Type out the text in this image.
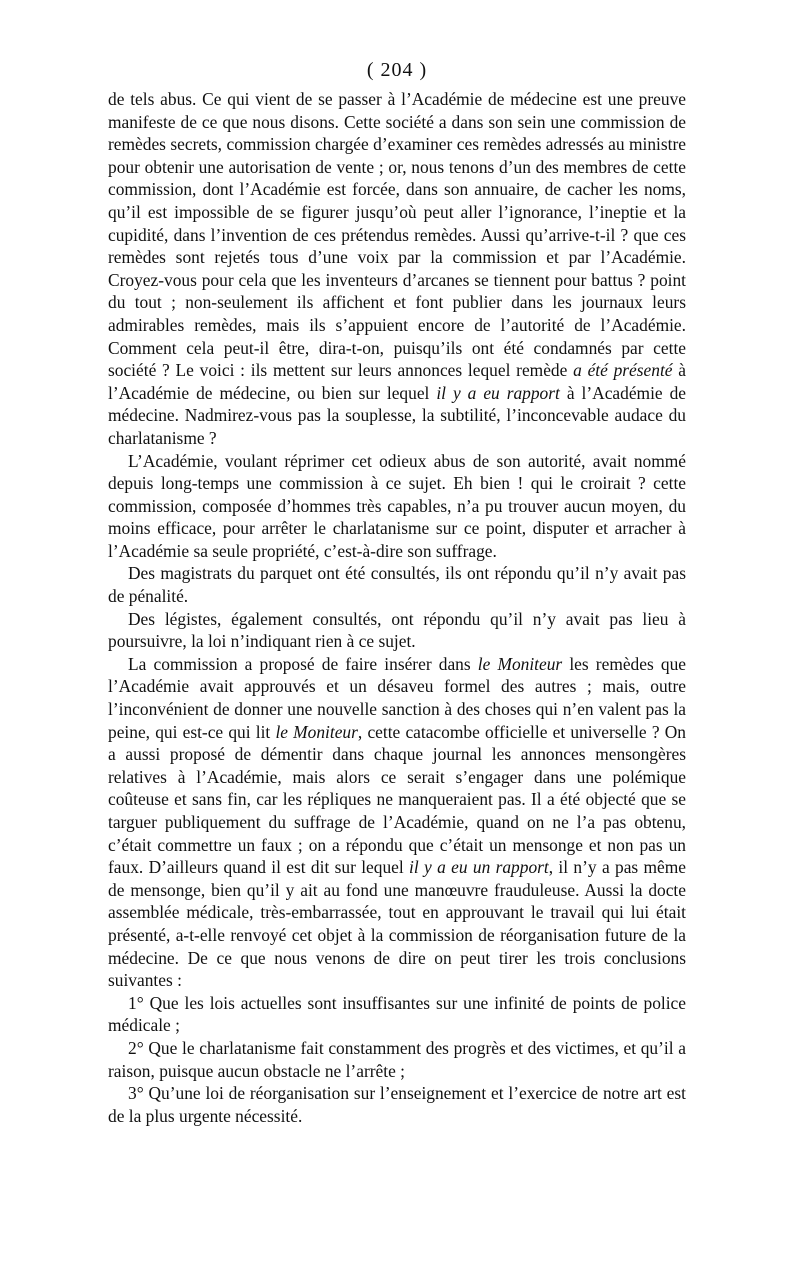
( 204 )

de tels abus. Ce qui vient de se passer à l’Académie de médecine est une preuve manifeste de ce que nous disons. Cette société a dans son sein une commission de remèdes secrets, commission chargée d’examiner ces remèdes adressés au ministre pour obtenir une autorisation de vente ; or, nous tenons d’un des membres de cette commission, dont l’Académie est forcée, dans son annuaire, de cacher les noms, qu’il est impossible de se figurer jusqu’où peut aller l’ignorance, l’ineptie et la cupidité, dans l’invention de ces prétendus remèdes. Aussi qu’arrive-t-il ? que ces remèdes sont rejetés tous d’une voix par la commission et par l’Académie. Croyez-vous pour cela que les inventeurs d’arcanes se tiennent pour battus ? point du tout ; non-seulement ils affichent et font publier dans les journaux leurs admirables remèdes, mais ils s’appuient encore de l’autorité de l’Académie. Comment cela peut-il être, dira-t-on, puisqu’ils ont été condamnés par cette société ? Le voici : ils mettent sur leurs annonces lequel remède a été présenté à l’Académie de médecine, ou bien sur lequel il y a eu rapport à l’Académie de médecine. Nadmirez-vous pas la souplesse, la subtilité, l’inconcevable audace du charlatanisme ?

L’Académie, voulant réprimer cet odieux abus de son autorité, avait nommé depuis long-temps une commission à ce sujet. Eh bien ! qui le croirait ? cette commission, composée d’hommes très capables, n’a pu trouver aucun moyen, du moins efficace, pour arrêter le charlatanisme sur ce point, disputer et arracher à l’Académie sa seule propriété, c’est-à-dire son suffrage.

Des magistrats du parquet ont été consultés, ils ont répondu qu’il n’y avait pas de pénalité.

Des légistes, également consultés, ont répondu qu’il n’y avait pas lieu à poursuivre, la loi n’indiquant rien à ce sujet.

La commission a proposé de faire insérer dans le Moniteur les remèdes que l’Académie avait approuvés et un désaveu formel des autres ; mais, outre l’inconvénient de donner une nouvelle sanction à des choses qui n’en valent pas la peine, qui est-ce qui lit le Moniteur, cette catacombe officielle et universelle ? On a aussi proposé de démentir dans chaque journal les annonces mensongères relatives à l’Académie, mais alors ce serait s’engager dans une polémique coûteuse et sans fin, car les répliques ne manqueraient pas. Il a été objecté que se targuer publiquement du suffrage de l’Académie, quand on ne l’a pas obtenu, c’était commettre un faux ; on a répondu que c’était un mensonge et non pas un faux. D’ailleurs quand il est dit sur lequel il y a eu un rapport, il n’y a pas même de mensonge, bien qu’il y ait au fond une manœuvre frauduleuse. Aussi la docte assemblée médicale, très-embarrassée, tout en approuvant le travail qui lui était présenté, a-t-elle renvoyé cet objet à la commission de réorganisation future de la médecine. De ce que nous venons de dire on peut tirer les trois conclusions suivantes :

1° Que les lois actuelles sont insuffisantes sur une infinité de points de police médicale ;

2° Que le charlatanisme fait constamment des progrès et des victimes, et qu’il a raison, puisque aucun obstacle ne l’arrête ;

3° Qu’une loi de réorganisation sur l’enseignement et l’exercice de notre art est de la plus urgente nécessité.
